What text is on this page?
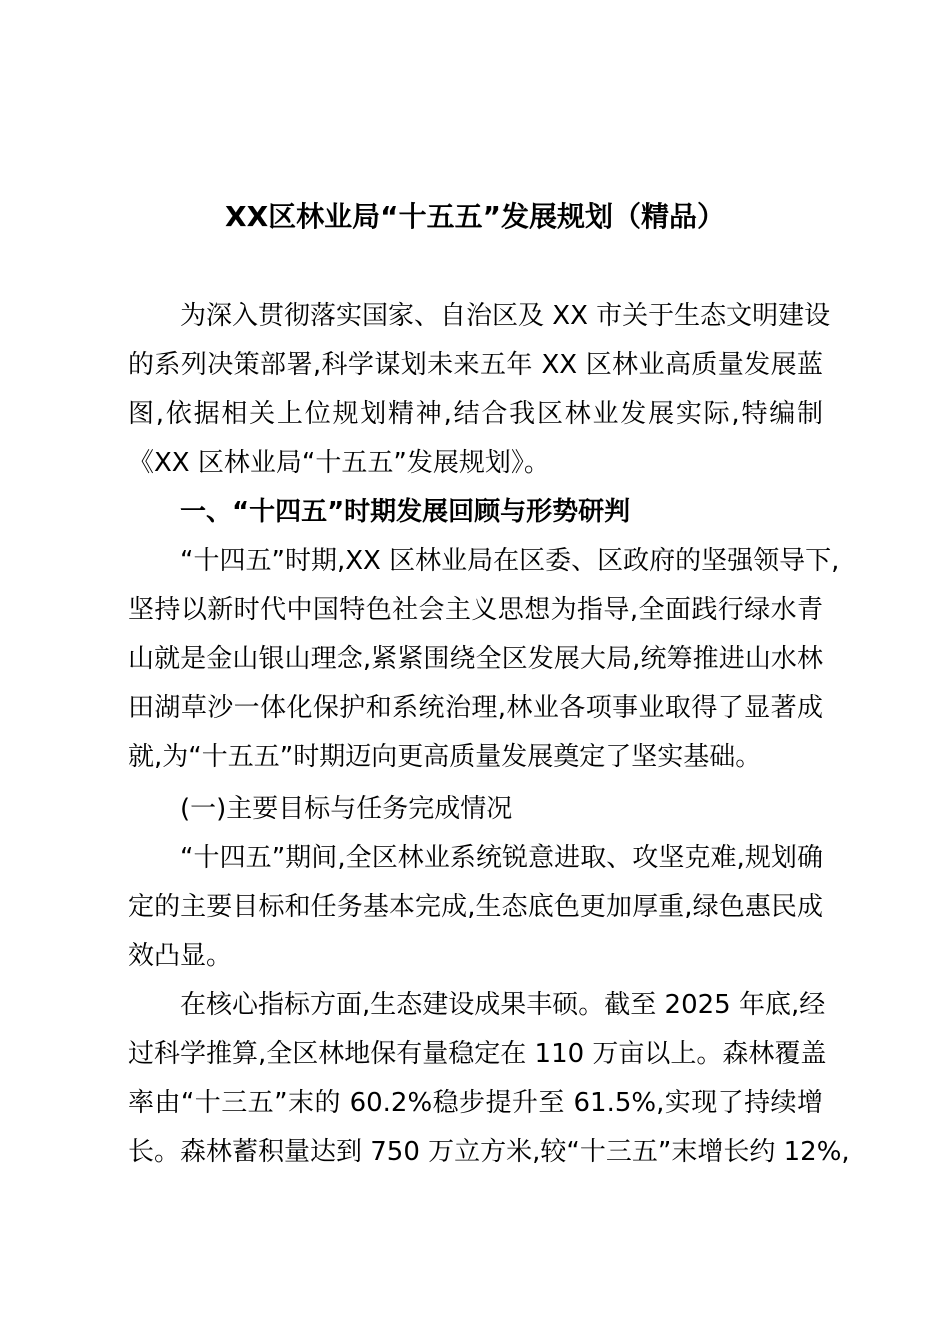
XX区林业局“十五五”发展规划（精品）
为深入贯彻落实国家、自治区及 XX 市关于生态文明建设
的系列决策部署,科学谋划未来五年 XX 区林业高质量发展蓝
图,依据相关上位规划精神,结合我区林业发展实际,特编制
《XX 区林业局“十五五”发展规划》。
一、“十四五”时期发展回顾与形势研判
“十四五”时期,XX 区林业局在区委、区政府的坚强领导下,
坚持以新时代中国特色社会主义思想为指导,全面践行绿水青
山就是金山银山理念,紧紧围绕全区发展大局,统筹推进山水林
田湖草沙一体化保护和系统治理,林业各项事业取得了显著成
就,为“十五五”时期迈向更高质量发展奠定了坚实基础。
(一)主要目标与任务完成情况
“十四五”期间,全区林业系统锐意进取、攻坚克难,规划确
定的主要目标和任务基本完成,生态底色更加厚重,绿色惠民成
效凸显。
在核心指标方面,生态建设成果丰硕。截至 2025 年底,经
过科学推算,全区林地保有量稳定在 110 万亩以上。森林覆盖
率由“十三五”末的 60.2%稳步提升至 61.5%,实现了持续增
长。森林蓄积量达到 750 万立方米,较“十三五”末增长约 12%,
